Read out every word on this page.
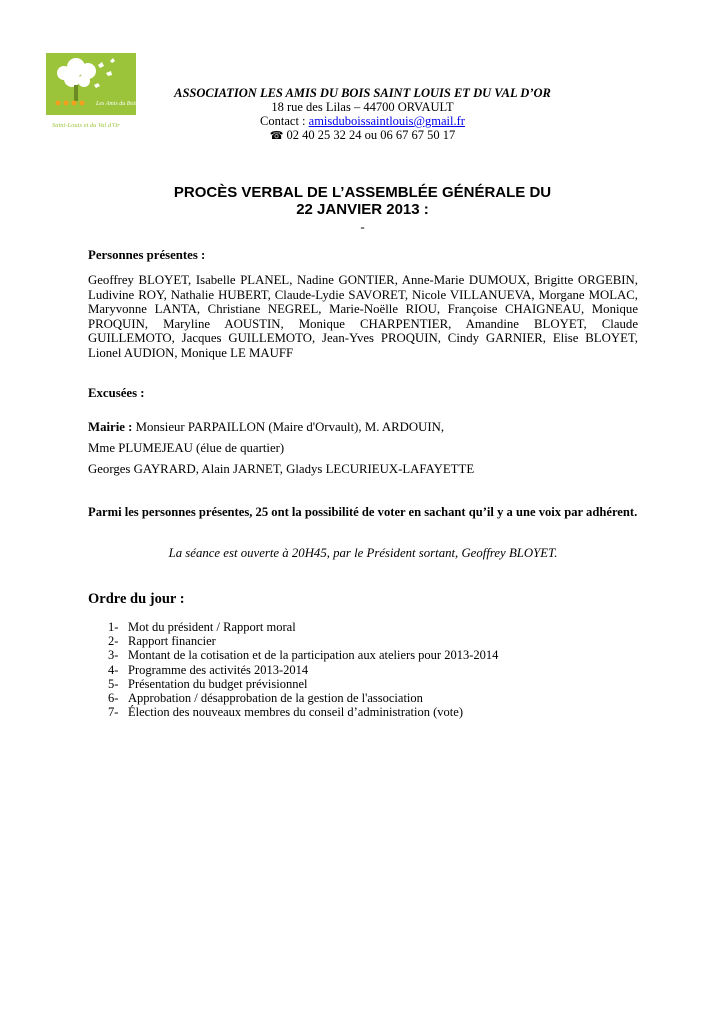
Les Amis du Bois
Saint-Louis et du Val d'Or
ASSOCIATION LES AMIS DU BOIS SAINT LOUIS ET DU VAL D’OR
18 rue des Lilas – 44700 ORVAULT
Contact : amisduboissaintlouis@gmail.fr
☎ 02 40 25 32 24 ou 06 67 67 50 17
PROCÈS VERBAL DE L’ASSEMBLÉE GÉNÉRALE DU
22 JANVIER 2013 :
-
Personnes présentes :
Geoffrey BLOYET, Isabelle PLANEL, Nadine GONTIER, Anne-Marie DUMOUX, Brigitte ORGEBIN, Ludivine ROY, Nathalie HUBERT, Claude-Lydie SAVORET, Nicole VILLANUEVA, Morgane MOLAC, Maryvonne LANTA, Christiane NEGREL, Marie-Noëlle RIOU, Françoise CHAIGNEAU, Monique PROQUIN, Maryline AOUSTIN, Monique CHARPENTIER, Amandine BLOYET, Claude GUILLEMOTO, Jacques GUILLEMOTO, Jean-Yves PROQUIN, Cindy GARNIER, Elise BLOYET, Lionel AUDION, Monique LE MAUFF
Excusées :
Mairie : Monsieur PARPAILLON (Maire d'Orvault), M. ARDOUIN,
Mme PLUMEJEAU (élue de quartier)
Georges GAYRARD, Alain JARNET, Gladys LECURIEUX-LAFAYETTE
Parmi les personnes présentes, 25 ont la possibilité de voter en sachant qu’il y a une voix par adhérent.
La séance est ouverte à 20H45, par le Président sortant, Geoffrey BLOYET.
Ordre du jour :
1- Mot du président / Rapport moral
2- Rapport financier
3- Montant de la cotisation et de la participation aux ateliers pour 2013-2014
4- Programme des activités 2013-2014
5- Présentation du budget prévisionnel
6- Approbation / désapprobation de la gestion de l'association
7- Élection des nouveaux membres du conseil d’administration (vote)
